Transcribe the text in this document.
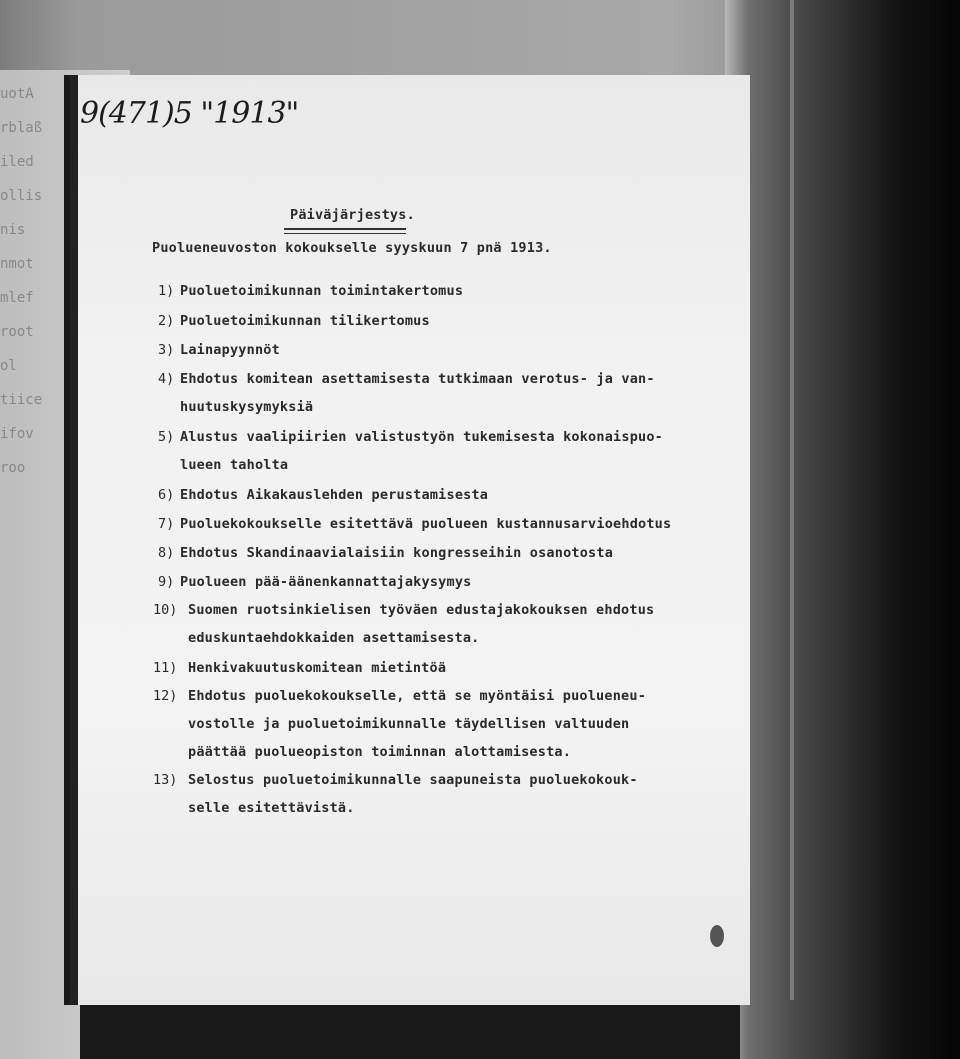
uotA
rblaß
iled
ollis
nis
nmot
mlef
root
ol
tiice
ifov
roo
9(471)5 "1913"
Päiväjärjestys.
Puolueneuvoston kokoukselle syyskuun 7 pnä 1913.
1) Puoluetoimikunnan toimintakertomus
2) Puoluetoimikunnan tilikertomus
3) Lainapyynnöt
4) Ehdotus komitean asettamisesta tutkimaan verotus- ja van-
huutuskysymyksiä
5) Alustus vaalipiirien valistustyön tukemisesta kokonaispuo-
lueen taholta
6) Ehdotus Aikakauslehden perustamisesta
7) Puoluekokoukselle esitettävä puolueen kustannusarvioehdotus
8) Ehdotus Skandinaavialaisiin kongresseihin osanotosta
9) Puolueen pää-äänenkannattajakysymys
10) Suomen ruotsinkielisen työväen edustajakokouksen ehdotus
eduskuntaehdokkaiden asettamisesta.
11) Henkivakuutuskomitean mietintöä
12) Ehdotus puoluekokoukselle, että se myöntäisi puolueneu-
vostolle ja puoluetoimikunnalle täydellisen valtuuden
päättää puolueopiston toiminnan alottamisesta.
13) Selostus puoluetoimikunnalle saapuneista puoluekokouk-
selle esitettävistä.
